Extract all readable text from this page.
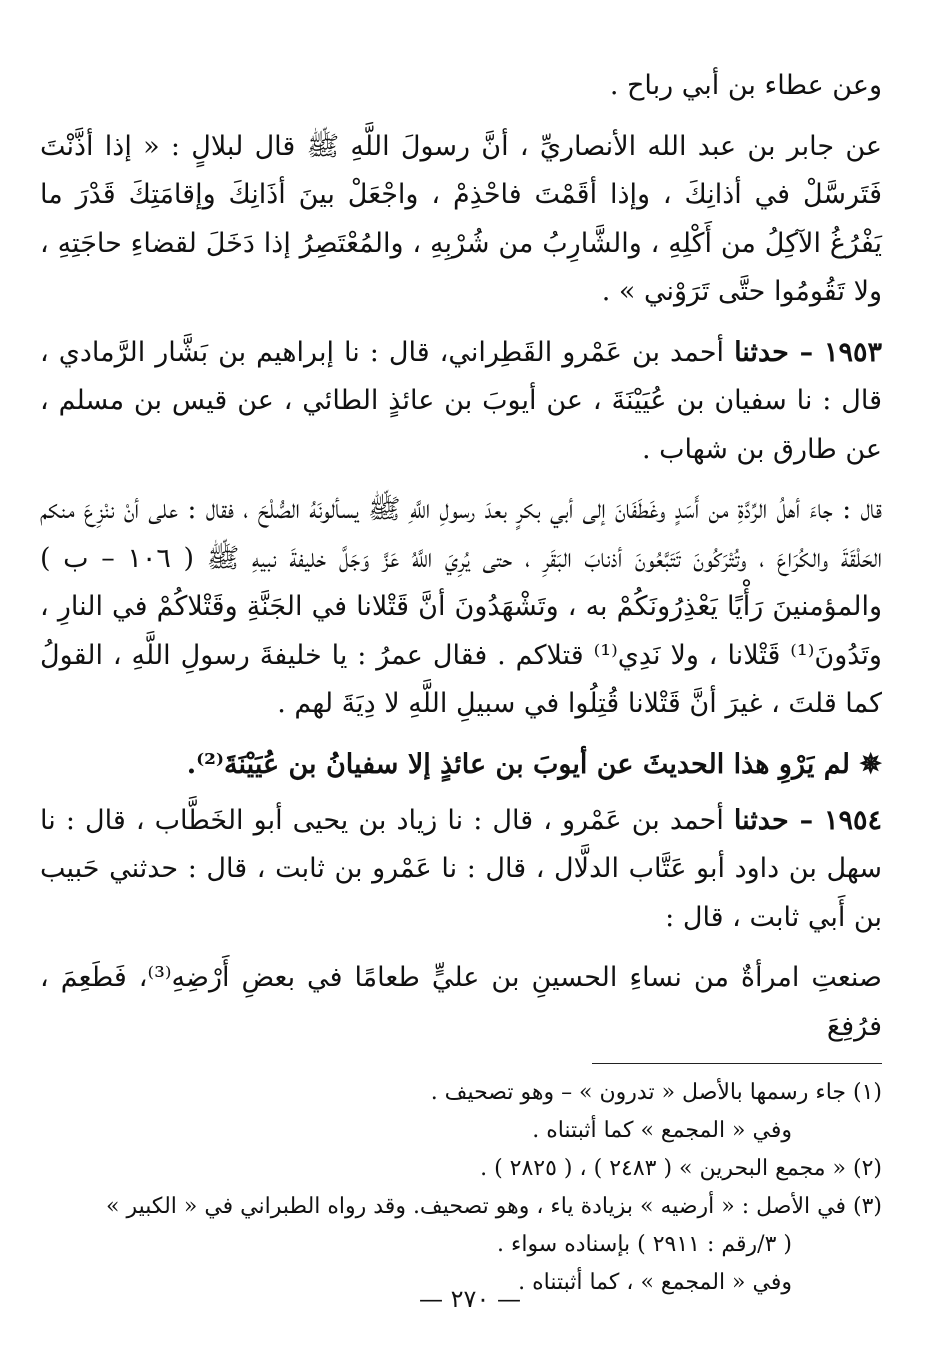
وعن عطاء بن أبي رباح .

عن جابر بن عبد الله الأنصاريِّ ، أنَّ رسولَ اللَّهِ ﷺ قال لبلالٍ : « إذا أذَّنْتَ فَتَرسَّلْ في أذانِكَ ، وإذا أقَمْتَ فاحْذِمْ ، واجْعَلْ بينَ أذَانِكَ وإقامَتِكَ قَدْرَ ما يَفْرُغُ الآكِلُ من أَكْلِهِ ، والشَّارِبُ من شُرْبِهِ ، والمُعْتَصِرُ إذا دَخَلَ لقضاءِ حاجَتِهِ ، ولا تَقُومُوا حتَّى تَرَوْني » .

١٩٥٣ – حدثنا أحمد بن عَمْرو القَطِراني، قال : نا إبراهيم بن بَشَّار الرَّمادي ، قال : نا سفيان بن عُيَيْنَةَ ، عن أيوبَ بن عائذٍ الطائي ، عن قيس بن مسلم ، عن طارق بن شهاب .

قال : جاءَ أهلُ الرِّدَّةِ من أَسَدٍ وغَطَفَانَ إلى أبي بكرٍ بعدَ رسولِ اللَّهِ ﷺ يسألونَهُ الصُّلْحَ ، فقال : على أنْ ننْزِعَ منكم الحَلْقَةَ والكُرَاعَ ، وتُتْرَكُونَ تَتَبَّعُونَ أذنابَ البَقَرِ ، حتى يُرِيَ اللَّهُ عَزَّ وَجَلَّ خليفةَ نبيهِ ﷺ ( ١٠٦ – ب ) والمؤمنينَ رَأْيًا يَعْذِرُونَكُمْ به ، وتَشْهَدُونَ أنَّ قَتْلانا في الجَنَّةِ وقَتْلاكُمْ في النارِ ، وتَدُونَ⁽¹⁾ قَتْلانا ، ولا نَدِي⁽¹⁾ قتلاكم . فقال عمرُ : يا خليفةَ رسولِ اللَّهِ ، القولُ كما قلتَ ، غيرَ أنَّ قَتْلانا قُتِلُوا في سبيلِ اللَّهِ لا دِيَةَ لهم .

✵ لم يَرْوِ هذا الحديثَ عن أيوبَ بن عائذٍ إلا سفيانُ بن عُيَيْنَةَ⁽²⁾.

١٩٥٤ – حدثنا أحمد بن عَمْرو ، قال : نا زياد بن يحيى أبو الخَطَّاب ، قال : نا سهل بن داود أبو عَتَّاب الدلَّال ، قال : نا عَمْرو بن ثابت ، قال : حدثني حَبيب بن أَبي ثابت ، قال :

صنعتِ امرأةٌ من نساءِ الحسينِ بن عليٍّ طعامًا في بعضِ أَرْضِهِ⁽³⁾، فَطَعِمَ ، فرُفِعَ

(١) جاء رسمها بالأصل « تدرون » – وهو تصحيف .

وفي « المجمع » كما أثبتناه .

(٢) « مجمع البحرين » ( ٢٤٨٣ ) ، ( ٢٨٢٥ ) .

(٣) في الأصل : « أرضيه » بزيادة ياء ، وهو تصحيف. وقد رواه الطبراني في « الكبير »

( ٣/رقم : ٢٩١١ ) بإسناده سواء .

وفي « المجمع » ، كما أثبتناه .

— ٢٧٠ —
